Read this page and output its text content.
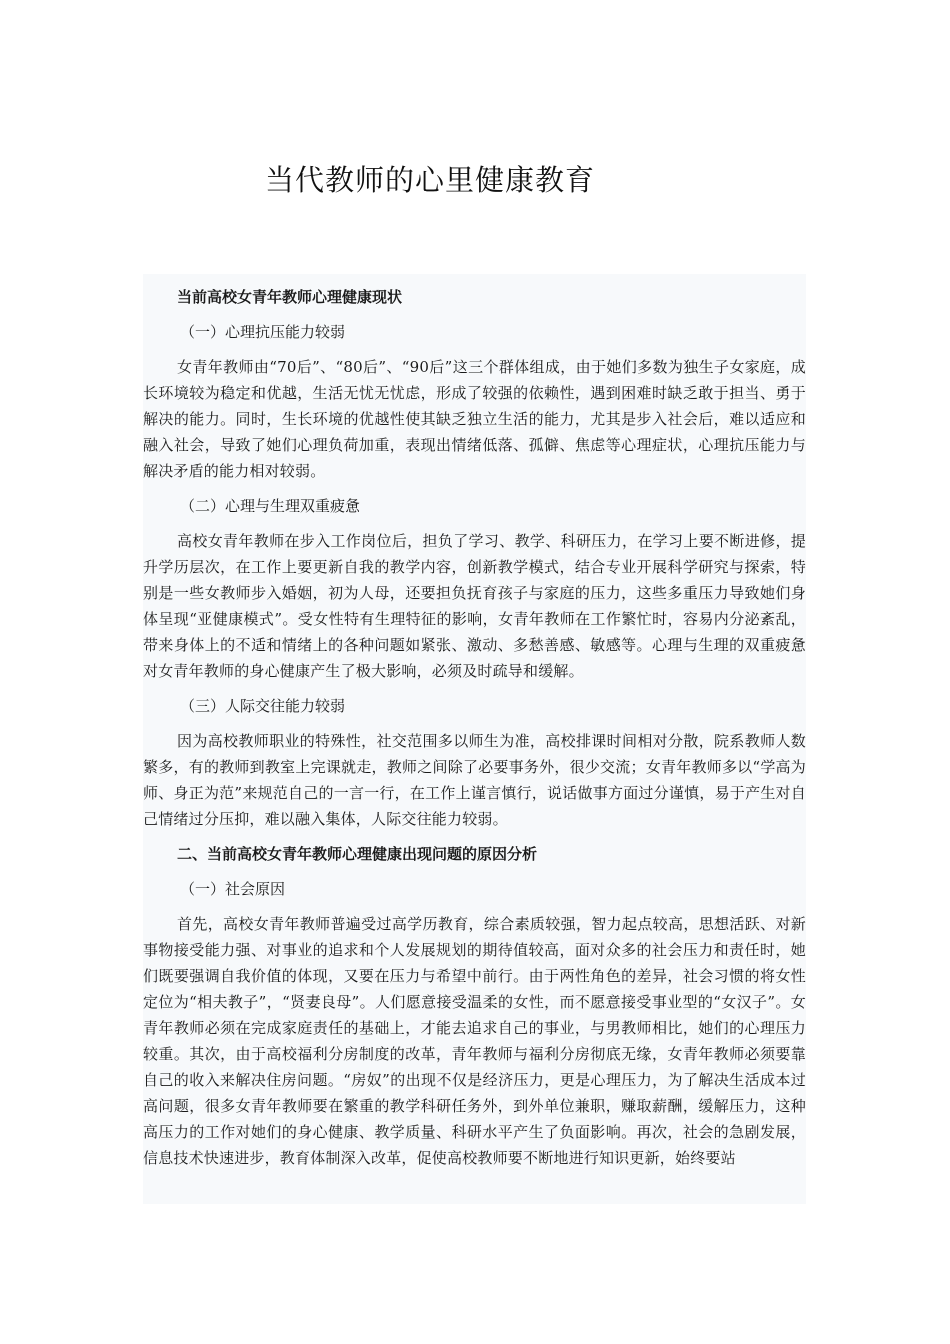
当代教师的心里健康教育

当前高校女青年教师心理健康现状

（一）心理抗压能力较弱

女青年教师由“70后”、“80后”、“90后”这三个群体组成，由于她们多数为独生子女家庭，成长环境较为稳定和优越，生活无忧无忧虑，形成了较强的依赖性，遇到困难时缺乏敢于担当、勇于解决的能力。同时，生长环境的优越性使其缺乏独立生活的能力，尤其是步入社会后，难以适应和融入社会，导致了她们心理负荷加重，表现出情绪低落、孤僻、焦虑等心理症状，心理抗压能力与解决矛盾的能力相对较弱。

（二）心理与生理双重疲惫

高校女青年教师在步入工作岗位后，担负了学习、教学、科研压力，在学习上要不断进修，提升学历层次，在工作上要更新自我的教学内容，创新教学模式，结合专业开展科学研究与探索，特别是一些女教师步入婚姻，初为人母，还要担负抚育孩子与家庭的压力，这些多重压力导致她们身体呈现“亚健康模式”。受女性特有生理特征的影响，女青年教师在工作繁忙时，容易内分泌紊乱，带来身体上的不适和情绪上的各种问题如紧张、激动、多愁善感、敏感等。心理与生理的双重疲惫对女青年教师的身心健康产生了极大影响，必须及时疏导和缓解。

（三）人际交往能力较弱

因为高校教师职业的特殊性，社交范围多以师生为准，高校排课时间相对分散，院系教师人数繁多，有的教师到教室上完课就走，教师之间除了必要事务外，很少交流；女青年教师多以“学高为师、身正为范”来规范自己的一言一行，在工作上谨言慎行，说话做事方面过分谨慎，易于产生对自己情绪过分压抑，难以融入集体，人际交往能力较弱。

二、当前高校女青年教师心理健康出现问题的原因分析

（一）社会原因

首先，高校女青年教师普遍受过高学历教育，综合素质较强，智力起点较高，思想活跃、对新事物接受能力强、对事业的追求和个人发展规划的期待值较高，面对众多的社会压力和责任时，她们既要强调自我价值的体现，又要在压力与希望中前行。由于两性角色的差异，社会习惯的将女性定位为“相夫教子”，“贤妻良母”。人们愿意接受温柔的女性，而不愿意接受事业型的“女汉子”。女青年教师必须在完成家庭责任的基础上，才能去追求自己的事业，与男教师相比，她们的心理压力较重。其次，由于高校福利分房制度的改革，青年教师与福利分房彻底无缘，女青年教师必须要靠自己的收入来解决住房问题。“房奴”的出现不仅是经济压力，更是心理压力，为了解决生活成本过高问题，很多女青年教师要在繁重的教学科研任务外，到外单位兼职，赚取薪酬，缓解压力，这种高压力的工作对她们的身心健康、教学质量、科研水平产生了负面影响。再次，社会的急剧发展，信息技术快速进步，教育体制深入改革，促使高校教师要不断地进行知识更新，始终要站
